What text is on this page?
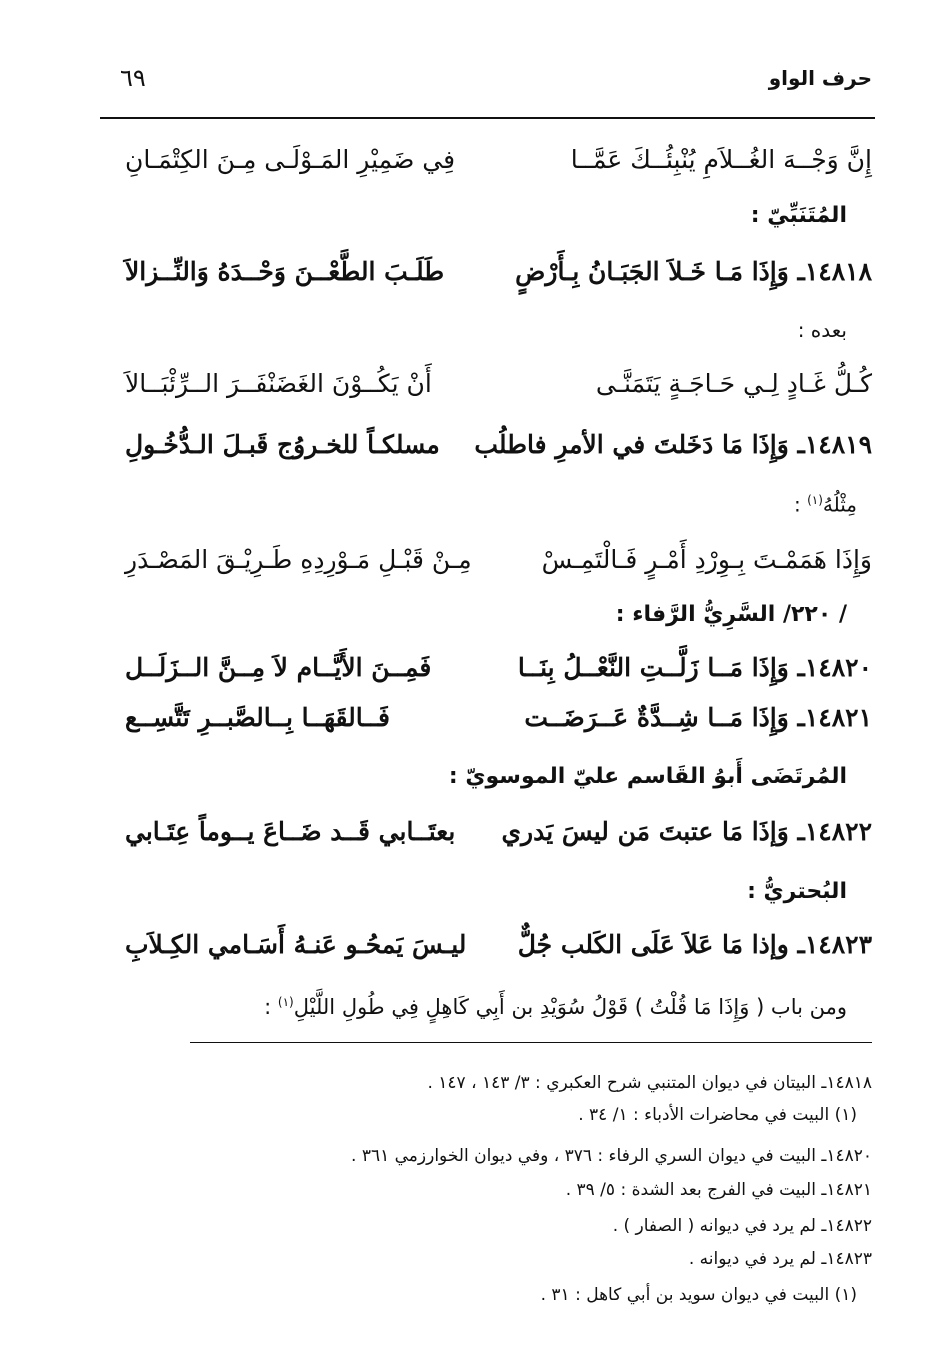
حرف الواو
٦٩
إِنَّ وَجْــهَ الغُــلاَمِ يُنْبِئُــكَ عَمَّــا
فِي ضَمِيْرِ المَـوْلَـى مِـنَ الكِتْمَـانِ
المُتَنَبِّيّ :
١٤٨١٨ـ وَإِذَا مَـا خَـلاَ الجَبَـانُ بِـأَرْضٍ
طَلَـبَ الطَّعْــنَ وَحْــدَهُ وَالنِّــزالاَ
بعده :
كُـلُّ غَـادٍ لِـي حَـاجَـةٍ يَتَمَنَّـى
أَنْ يَكُــوْنَ الغَضَنْفَــرَ الــرِّئْبَــالاَ
١٤٨١٩ـ وَإِذَا مَا دَخَلتَ في الأمرِ فاطلُب
مسلكـاً للخـروُج قَبـلَ الـدُّخُـولِ
مِثْلُهُ$^{(١)}$ :
وَإِذَا هَمَمْـتَ بِـوِرْدِ أَمْـرٍ فَـالْتَمِـسْ
مِـنْ قَبْـلِ مَـوْرِدِهِ طَـرِيْـقَ المَصْـدَرِ
/ ٢٢٠/ السَّرِيُّ الرَّفاء :
١٤٨٢٠ـ وَإِذَا مَــا زَلَّــتِ النَّعْــلُ بِنَــا
فَمِــنَ الأَيَّــام لاَ مِــنَّ الــزَلَــل
١٤٨٢١ـ وَإِذَا مَــا شِــدَّةٌ عَــرَضَــت
فَــالقَهَــا بِــالصَّبــرِ تَتَّسِــع
المُرتَضَى أَبوُ القَاسم عليّ الموسويّ :
١٤٨٢٢ـ وَإذَا مَا عتبتَ مَن ليسَ يَدري
بعتَــابي قَــد ضَــاعَ يــوماً عِتَـابي
البُحتريُّ :
١٤٨٢٣ـ وإذا مَا عَلاَ عَلَى الكَلب جُلٌّ
ليـسَ يَمحُـو عَنـهُ أَسَـامي الكِـلاَبِ
ومن باب ( وَإِذَا مَا قُلْتُ ) قَوْلُ سُوَيْدِ بن أَبِي كَاهِلٍ فِي طُولِ اللَّيْلِ$^{(١)}$ :
١٤٨١٨ـ البيتان في ديوان المتنبي شرح العكبري : ٣/ ١٤٣ ، ١٤٧ .
(١) البيت في محاضرات الأدباء : ١/ ٣٤ .
١٤٨٢٠ـ البيت في ديوان السري الرفاء : ٣٧٦ ، وفي ديوان الخوارزمي ٣٦١ .
١٤٨٢١ـ البيت في الفرج بعد الشدة : ٥/ ٣٩ .
١٤٨٢٢ـ لم يرد في ديوانه ( الصفار ) .
١٤٨٢٣ـ لم يرد في ديوانه .
(١) البيت في ديوان سويد بن أبي كاهل : ٣١ .
